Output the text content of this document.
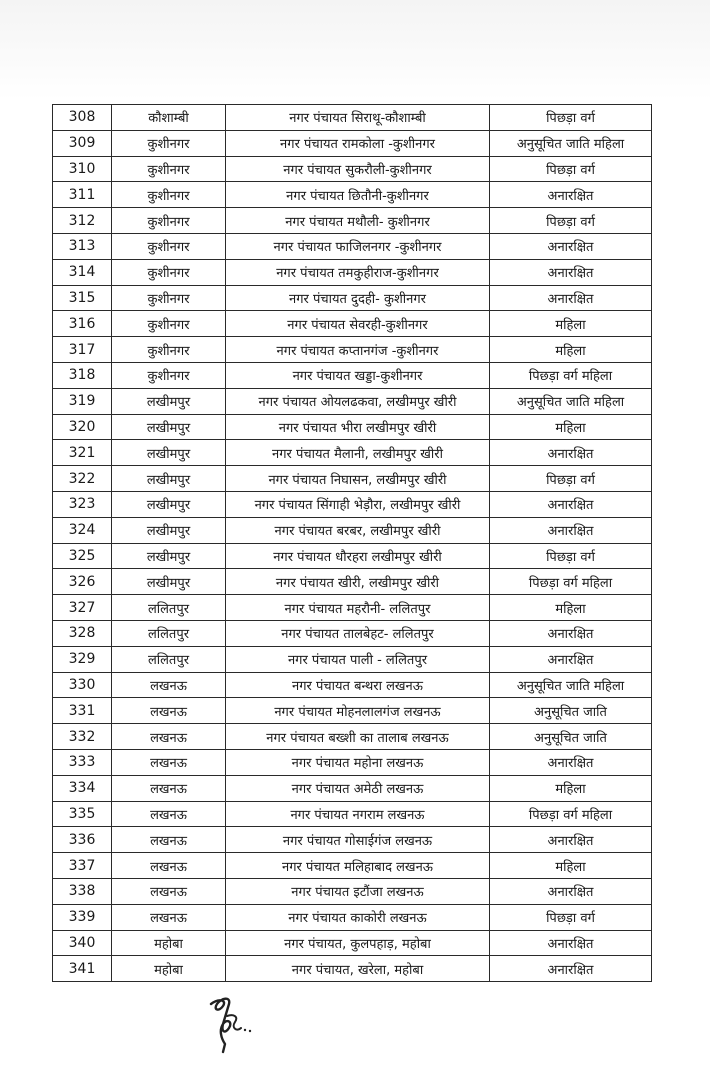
308	कौशाम्बी	नगर पंचायत सिराथू-कौशाम्बी	पिछड़ा वर्ग
309	कुशीनगर	नगर पंचायत रामकोला -कुशीनगर	अनुसूचित जाति महिला
310	कुशीनगर	नगर पंचायत सुकरौली-कुशीनगर	पिछड़ा वर्ग
311	कुशीनगर	नगर पंचायत छितौनी-कुशीनगर	अनारक्षित
312	कुशीनगर	नगर पंचायत मथौली- कुशीनगर	पिछड़ा वर्ग
313	कुशीनगर	नगर पंचायत फाजिलनगर -कुशीनगर	अनारक्षित
314	कुशीनगर	नगर पंचायत तमकुहीराज-कुशीनगर	अनारक्षित
315	कुशीनगर	नगर पंचायत दुदही- कुशीनगर	अनारक्षित
316	कुशीनगर	नगर पंचायत सेवरही-कुशीनगर	महिला
317	कुशीनगर	नगर पंचायत कप्तानगंज -कुशीनगर	महिला
318	कुशीनगर	नगर पंचायत खड्डा-कुशीनगर	पिछड़ा वर्ग महिला
319	लखीमपुर	नगर पंचायत ओयलढकवा, लखीमपुर खीरी	अनुसूचित जाति महिला
320	लखीमपुर	नगर पंचायत भीरा लखीमपुर खीरी	महिला
321	लखीमपुर	नगर पंचायत मैलानी, लखीमपुर खीरी	अनारक्षित
322	लखीमपुर	नगर पंचायत निघासन, लखीमपुर खीरी	पिछड़ा वर्ग
323	लखीमपुर	नगर पंचायत सिंगाही भेड़ौरा, लखीमपुर खीरी	अनारक्षित
324	लखीमपुर	नगर पंचायत बरबर, लखीमपुर खीरी	अनारक्षित
325	लखीमपुर	नगर पंचायत धौरहरा लखीमपुर खीरी	पिछड़ा वर्ग
326	लखीमपुर	नगर पंचायत खीरी, लखीमपुर खीरी	पिछड़ा वर्ग महिला
327	ललितपुर	नगर पंचायत महरौनी- ललितपुर	महिला
328	ललितपुर	नगर पंचायत तालबेहट- ललितपुर	अनारक्षित
329	ललितपुर	नगर पंचायत पाली - ललितपुर	अनारक्षित
330	लखनऊ	नगर पंचायत बन्थरा लखनऊ	अनुसूचित जाति महिला
331	लखनऊ	नगर पंचायत मोहनलालगंज लखनऊ	अनुसूचित जाति
332	लखनऊ	नगर पंचायत बख्शी का तालाब लखनऊ	अनुसूचित जाति
333	लखनऊ	नगर पंचायत महोना लखनऊ	अनारक्षित
334	लखनऊ	नगर पंचायत अमेठी लखनऊ	महिला
335	लखनऊ	नगर पंचायत नगराम लखनऊ	पिछड़ा वर्ग महिला
336	लखनऊ	नगर पंचायत गोसाईगंज लखनऊ	अनारक्षित
337	लखनऊ	नगर पंचायत मलिहाबाद लखनऊ	महिला
338	लखनऊ	नगर पंचायत इटौंजा लखनऊ	अनारक्षित
339	लखनऊ	नगर पंचायत काकोरी लखनऊ	पिछड़ा वर्ग
340	महोबा	नगर पंचायत, कुलपहाड़, महोबा	अनारक्षित
341	महोबा	नगर पंचायत, खरेला, महोबा	अनारक्षित
